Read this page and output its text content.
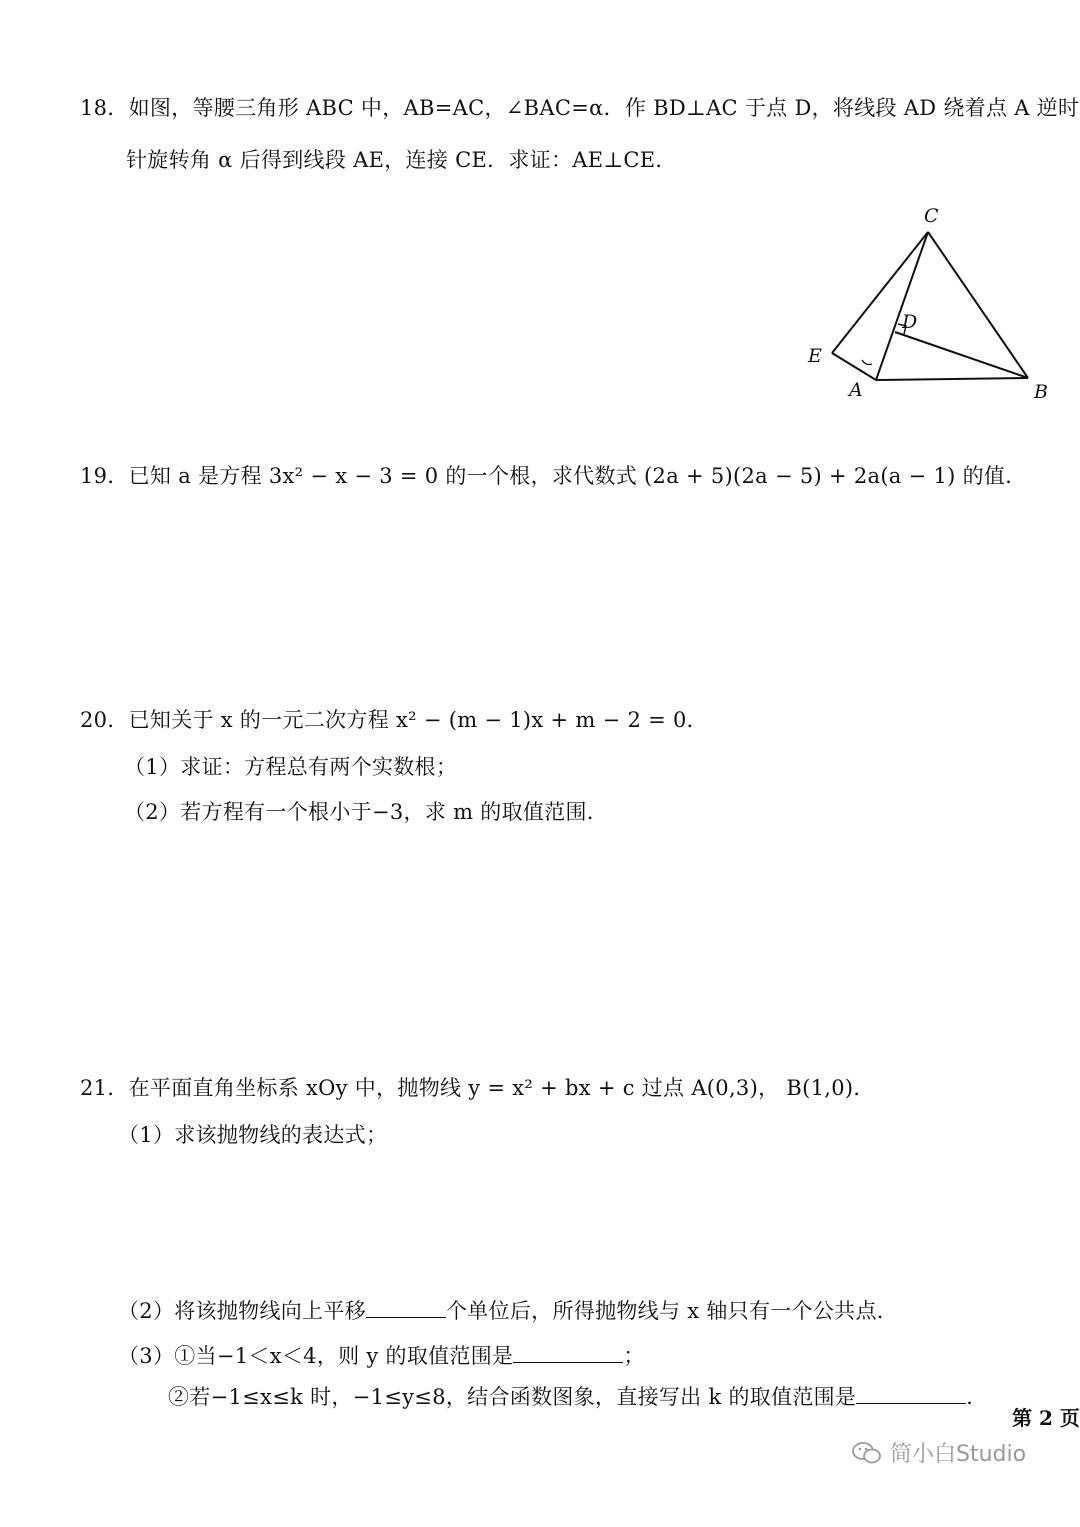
18．如图，等腰三角形 ABC 中，AB=AC，∠BAC=α．作 BD⊥AC 于点 D，将线段 AD 绕着点 A 逆时
针旋转角 α 后得到线段 AE，连接 CE．求证：AE⊥CE．
C
D
E
A	B
19．已知 a 是方程 3x² − x − 3 = 0 的一个根，求代数式 (2a + 5)(2a − 5) + 2a(a − 1) 的值．
20．已知关于 x 的一元二次方程 x² − (m − 1)x + m − 2 = 0．
（1）求证：方程总有两个实数根；
（2）若方程有一个根小于−3，求 m 的取值范围．
21．在平面直角坐标系 xOy 中，抛物线 y = x² + bx + c 过点 A(0,3)， B(1,0)．
（1）求该抛物线的表达式；
（2）将该抛物线向上平移	个单位后，所得抛物线与 x 轴只有一个公共点．
（3）①当−1＜x＜4，则 y 的取值范围是	；
②若−1≤x≤k 时，−1≤y≤8，结合函数图象，直接写出 k 的取值范围是	．
第 2 页
简小白Studio
